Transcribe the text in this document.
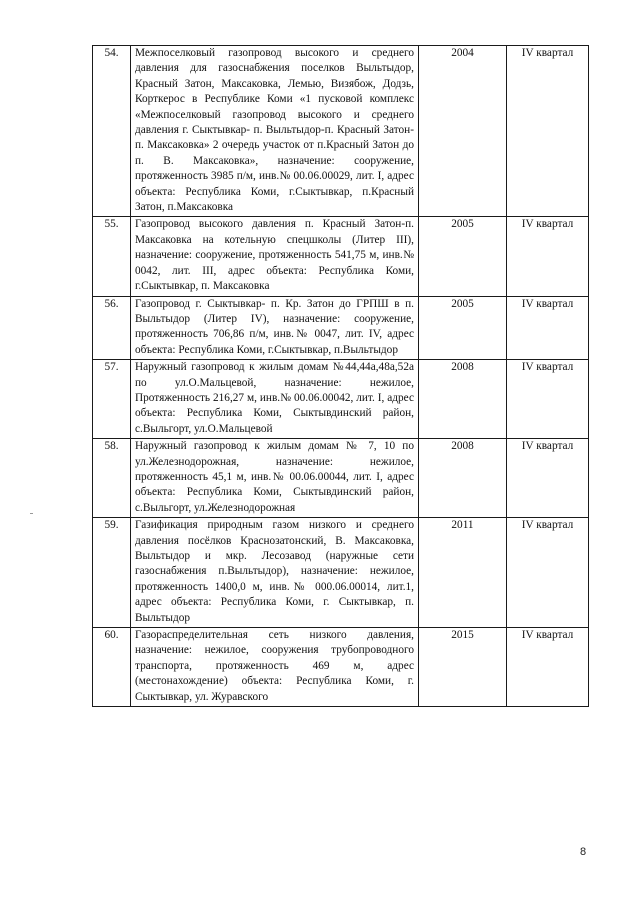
54.	Межпоселковый газопровод высокого и среднего давления для газоснабжения поселков Выльтыдор, Красный Затон, Максаковка, Лемью, Визябож, Додзь, Корткерос в Республике Коми «1 пусковой комплекс «Межпоселковый газопровод высокого и среднего давления г. Сыктывкар- п. Выльтыдор-п. Красный Затон-п. Максаковка» 2 очередь участок от п.Красный Затон до п. В. Максаковка», назначение: сооружение, протяженность 3985 п/м, инв.№ 00.06.00029, лит. I, адрес объекта: Республика Коми, г.Сыктывкар, п.Красный Затон, п.Максаковка	2004	IV квартал
55.	Газопровод высокого давления п. Красный Затон-п. Максаковка на котельную спецшколы (Литер III), назначение: сооружение, протяженность 541,75 м, инв.№ 0042, лит. III, адрес объекта: Республика Коми, г.Сыктывкар, п. Максаковка	2005	IV квартал
56.	Газопровод г. Сыктывкар- п. Кр. Затон до ГРПШ в п. Выльтыдор (Литер IV), назначение: сооружение, протяженность 706,86 п/м, инв.№ 0047, лит. IV, адрес объекта: Республика Коми, г.Сыктывкар, п.Выльтыдор	2005	IV квартал
57.	Наружный газопровод к жилым домам №44,44а,48а,52а по ул.О.Мальцевой, назначение: нежилое, Протяженность 216,27 м, инв.№ 00.06.00042, лит. I, адрес объекта: Республика Коми, Сыктывдинский район, с.Выльгорт, ул.О.Мальцевой	2008	IV квартал
58.	Наружный газопровод к жилым домам № 7, 10 по ул.Железнодорожная, назначение: нежилое, протяженность 45,1 м, инв.№ 00.06.00044, лит. I, адрес объекта: Республика Коми, Сыктывдинский район, с.Выльгорт, ул.Железнодорожная	2008	IV квартал
59.	Газификация природным газом низкого и среднего давления посёлков Краснозатонский, В. Максаковка, Выльтыдор и мкр. Лесозавод (наружные сети газоснабжения п.Выльтыдор), назначение: нежилое, протяженность 1400,0 м, инв.№ 000.06.00014, лит.1, адрес объекта: Республика Коми, г. Сыктывкар, п. Выльтыдор	2011	IV квартал
60.	Газораспределительная сеть низкого давления, назначение: нежилое, сооружения трубопроводного транспорта, протяженность 469 м, адрес (местонахождение) объекта: Республика Коми, г. Сыктывкар, ул. Журавского	2015	IV квартал
8
